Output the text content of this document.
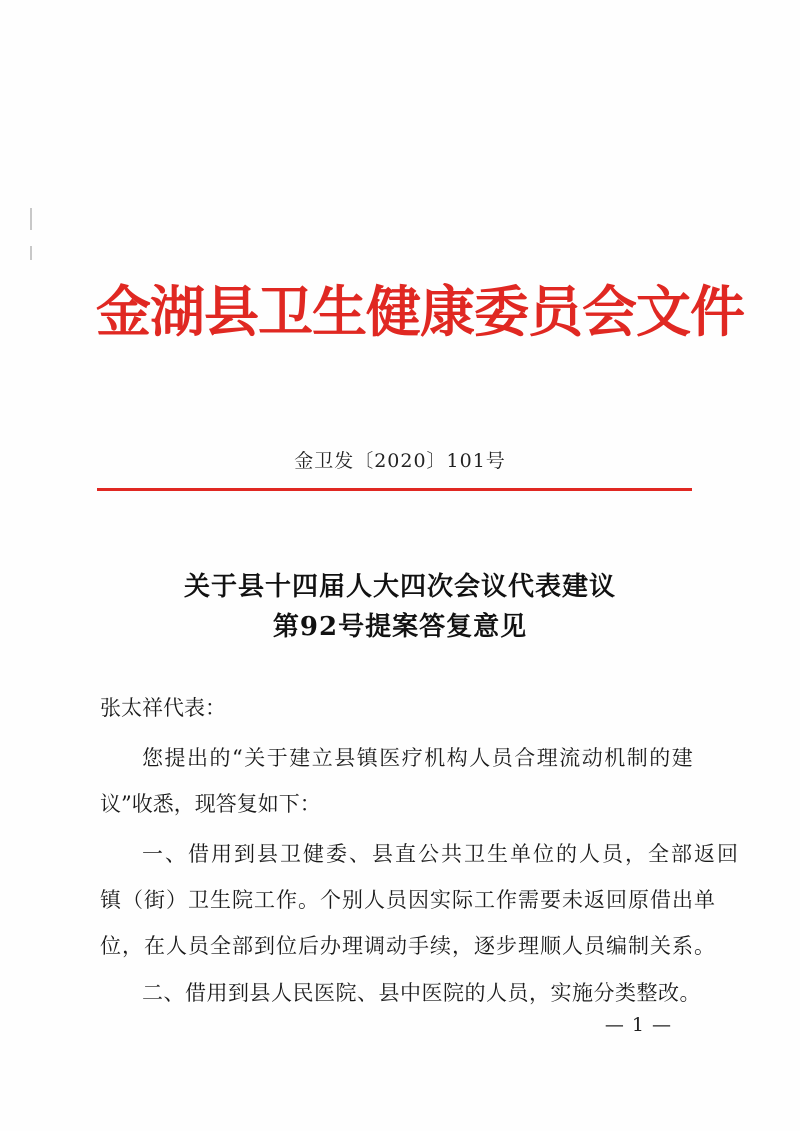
金湖县卫生健康委员会文件
金卫发〔2020〕101号
关于县十四届人大四次会议代表建议
第92号提案答复意见
张太祥代表：
您提出的“关于建立县镇医疗机构人员合理流动机制的建
议”收悉，现答复如下：
一、借用到县卫健委、县直公共卫生单位的人员，全部返回
镇（街）卫生院工作。个别人员因实际工作需要未返回原借出单
位，在人员全部到位后办理调动手续，逐步理顺人员编制关系。
二、借用到县人民医院、县中医院的人员，实施分类整改。
— 1 —
